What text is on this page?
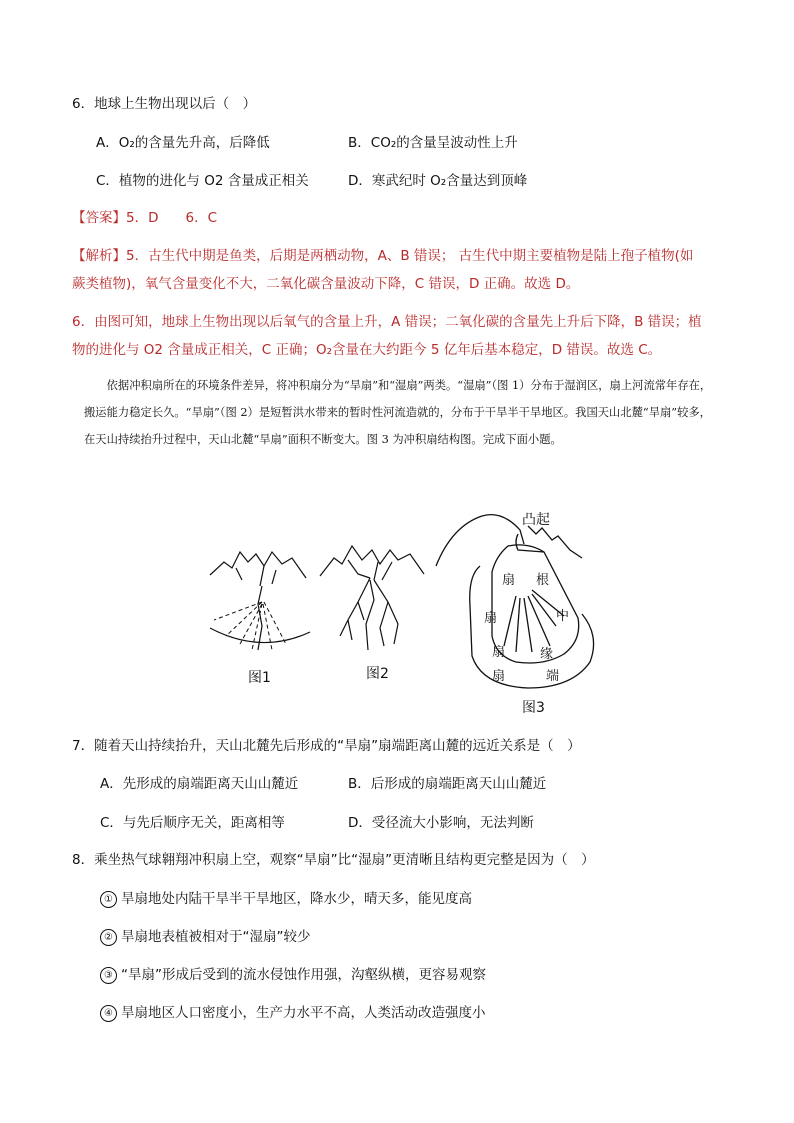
6．地球上生物出现以后（　）
A．O₂的含量先升高，后降低	B．CO₂的含量呈波动性上升
C．植物的进化与 O2 含量成正相关	D．寒武纪时 O₂含量达到顶峰
【答案】5．D　　6．C
【解析】5．古生代中期是鱼类，后期是两栖动物，A、B 错误； 古生代中期主要植物是陆上孢子植物(如
蕨类植物)，氧气含量变化不大，二氧化碳含量波动下降，C 错误，D 正确。故选 D。
6．由图可知，地球上生物出现以后氧气的含量上升，A 错误；二氧化碳的含量先上升后下降，B 错误；植
物的进化与 O2 含量成正相关，C 正确；O₂含量在大约距今 5 亿年后基本稳定，D 错误。故选 C。
依据冲积扇所在的环境条件差异，将冲积扇分为“旱扇”和“湿扇”两类。“湿扇”（图 1）分布于湿润区，扇上河流常年存在，搬运能力稳定长久。“旱扇”（图 2）是短暂洪水带来的暂时性河流造就的，分布于干旱半干旱地区。我国天山北麓“旱扇”较多，在天山持续抬升过程中，天山北麓“旱扇”面积不断变大。图 3 为冲积扇结构图。完成下面小题。
图1	图2
凸起
扇 根
扇	中
扇	缘
扇	端
图3
7．随着天山持续抬升，天山北麓先后形成的“旱扇”扇端距离山麓的远近关系是（　）
A．先形成的扇端距离天山山麓近	B．后形成的扇端距离天山山麓近
C．与先后顺序无关，距离相等	D．受径流大小影响，无法判断
8．乘坐热气球翱翔冲积扇上空，观察“旱扇”比“湿扇”更清晰且结构更完整是因为（　）
① 旱扇地处内陆干旱半干旱地区，降水少，晴天多，能见度高
② 旱扇地表植被相对于“湿扇”较少
③ “旱扇”形成后受到的流水侵蚀作用强，沟壑纵横，更容易观察
④ 旱扇地区人口密度小，生产力水平不高，人类活动改造强度小
